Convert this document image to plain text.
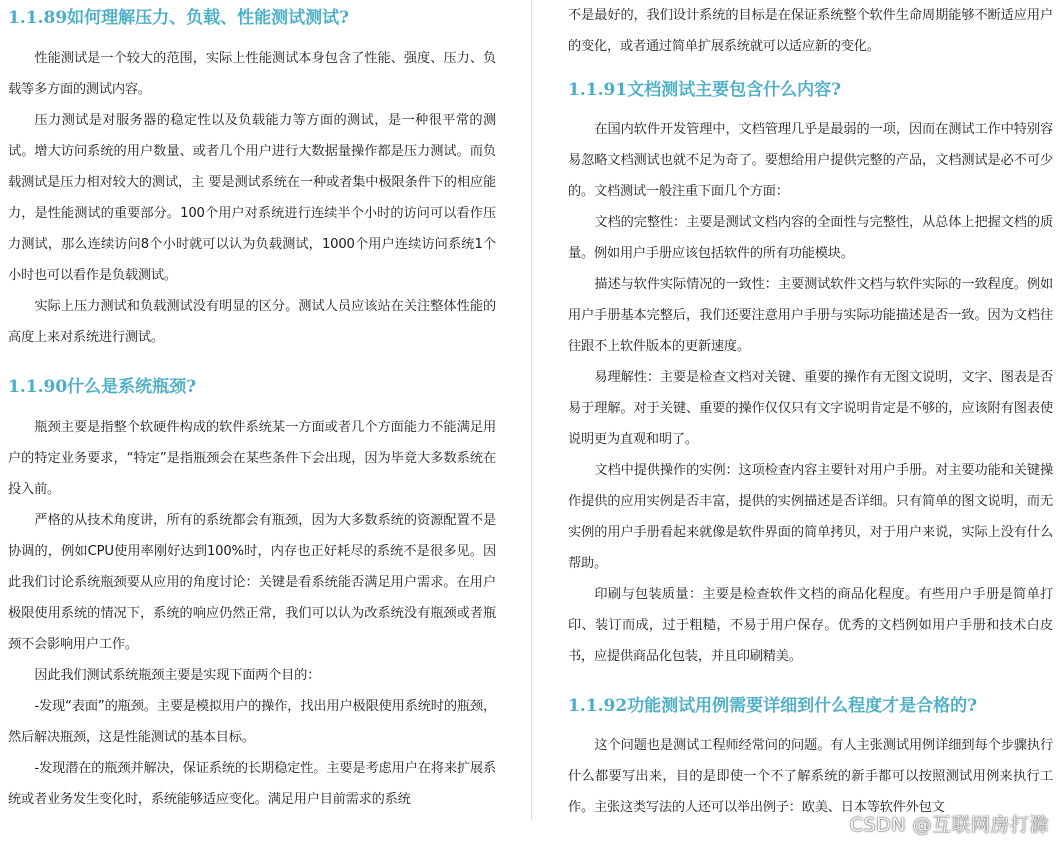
1.1.89如何理解压力、负载、性能测试测试?

性能测试是一个较大的范围，实际上性能测试本身包含了性能、强度、压力、负载等多方面的测试内容。

压力测试是对服务器的稳定性以及负载能力等方面的测试，是一种很平常的测试。增大访问系统的用户数量、或者几个用户进行大数据量操作都是压力测试。而负载测试是压力相对较大的测试，主 要是测试系统在一种或者集中极限条件下的相应能力，是性能测试的重要部分。100个用户对系统进行连续半个小时的访问可以看作压力测试，那么连续访问8个小时就可以认为负载测试，1000个用户连续访问系统1个小时也可以看作是负载测试。

实际上压力测试和负载测试没有明显的区分。测试人员应该站在关注整体性能的高度上来对系统进行测试。

1.1.90什么是系统瓶颈?

瓶颈主要是指整个软硬件构成的软件系统某一方面或者几个方面能力不能满足用户的特定业务要求，“特定”是指瓶颈会在某些条件下会出现，因为毕竟大多数系统在投入前。

严格的从技术角度讲，所有的系统都会有瓶颈，因为大多数系统的资源配置不是协调的，例如CPU使用率刚好达到100%时，内存也正好耗尽的系统不是很多见。因此我们讨论系统瓶颈要从应用的角度讨论：关键是看系统能否满足用户需求。在用户极限使用系统的情况下，系统的响应仍然正常，我们可以认为改系统没有瓶颈或者瓶颈不会影响用户工作。

因此我们测试系统瓶颈主要是实现下面两个目的：

-发现“表面”的瓶颈。主要是模拟用户的操作，找出用户极限使用系统时的瓶颈，然后解决瓶颈，这是性能测试的基本目标。

-发现潜在的瓶颈并解决，保证系统的长期稳定性。主要是考虑用户在将来扩展系统或者业务发生变化时，系统能够适应变化。满足用户目前需求的系统

不是最好的，我们设计系统的目标是在保证系统整个软件生命周期能够不断适应用户的变化，或者通过简单扩展系统就可以适应新的变化。

1.1.91文档测试主要包含什么内容?

在国内软件开发管理中，文档管理几乎是最弱的一项，因而在测试工作中特别容易忽略文档测试也就不足为奇了。要想给用户提供完整的产品，文档测试是必不可少的。文档测试一般注重下面几个方面：

文档的完整性：主要是测试文档内容的全面性与完整性，从总体上把握文档的质量。例如用户手册应该包括软件的所有功能模块。

描述与软件实际情况的一致性：主要测试软件文档与软件实际的一致程度。例如用户手册基本完整后，我们还要注意用户手册与实际功能描述是否一致。因为文档往往跟不上软件版本的更新速度。

易理解性：主要是检查文档对关键、重要的操作有无图文说明，文字、图表是否易于理解。对于关键、重要的操作仅仅只有文字说明肯定是不够的，应该附有图表使说明更为直观和明了。

文档中提供操作的实例：这项检查内容主要针对用户手册。对主要功能和关键操作提供的应用实例是否丰富，提供的实例描述是否详细。只有简单的图文说明，而无实例的用户手册看起来就像是软件界面的简单拷贝，对于用户来说，实际上没有什么帮助。

印刷与包装质量：主要是检查软件文档的商品化程度。有些用户手册是简单打印、装订而成，过于粗糙，不易于用户保存。优秀的文档例如用户手册和技术白皮书，应提供商品化包装，并且印刷精美。

1.1.92功能测试用例需要详细到什么程度才是合格的?

这个问题也是测试工程师经常问的问题。有人主张测试用例详细到每个步骤执行什么都要写出来，目的是即使一个不了解系统的新手都可以按照测试用例来执行工作。主张这类写法的人还可以举出例子：欧美、日本等软件外包文

CSDN @互联网房打滁
